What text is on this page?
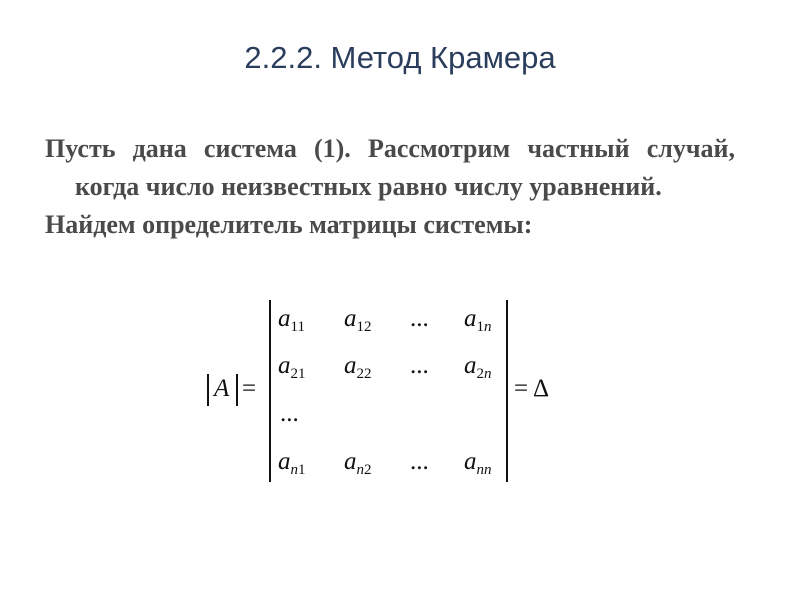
2.2.2. Метод Крамера

Пусть дана система (1). Рассмотрим частный случай, когда число неизвестных равно числу уравнений.

Найдем определитель матрицы системы:

A =
$a_{11}$ $a_{12}$ ... $a_{1n}$
$a_{21}$ $a_{22}$ ... $a_{2n}$
...
$a_{n1}$ $a_{n2}$ ... $a_{nn}$
= Δ
